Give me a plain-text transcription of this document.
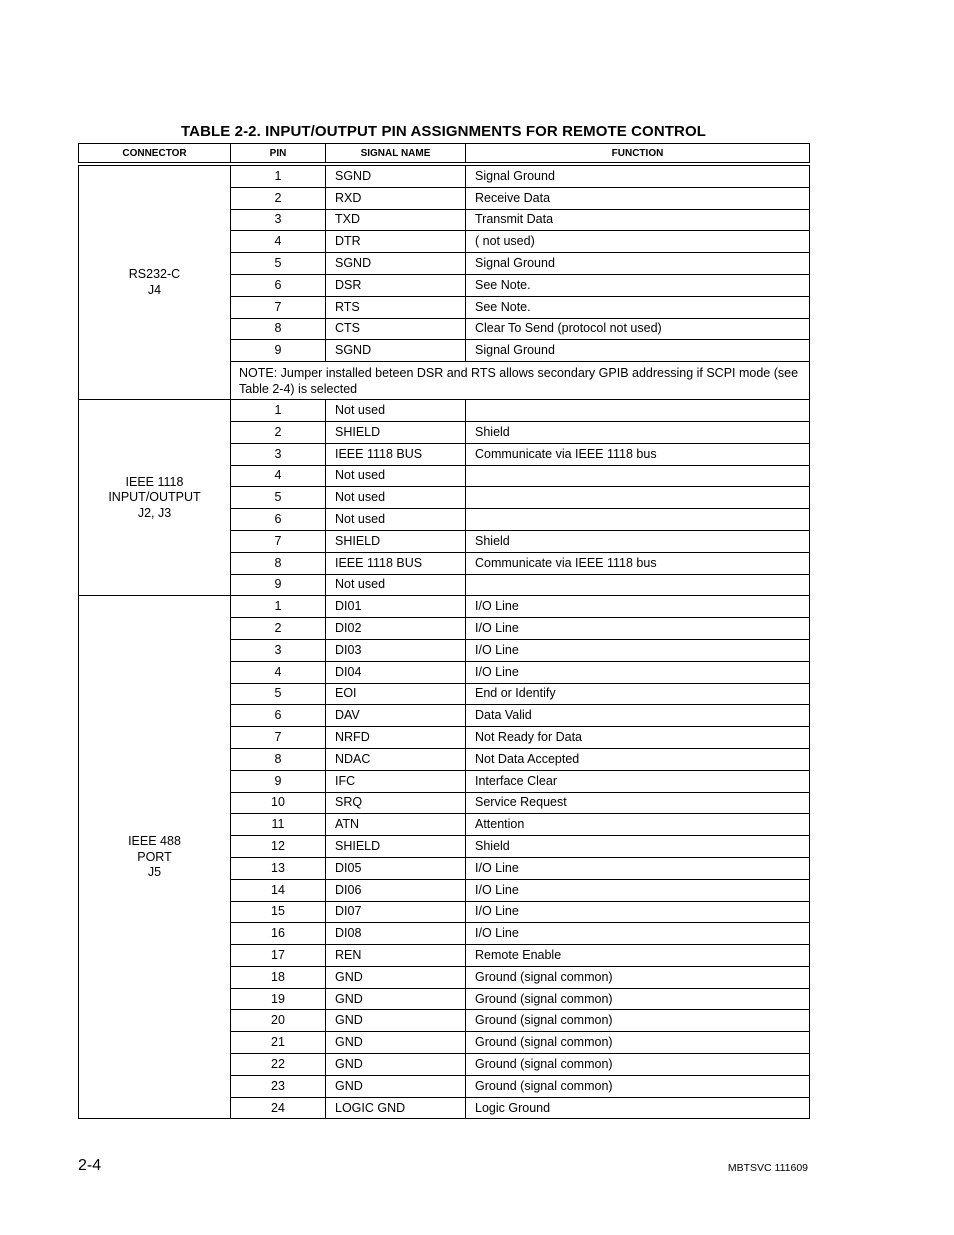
TABLE 2-2. INPUT/OUTPUT PIN ASSIGNMENTS FOR REMOTE CONTROL
CONNECTOR	PIN	SIGNAL NAME	FUNCTION

RS232-C
J4	1	SGND	Signal Ground
	2	RXD	Receive Data
	3	TXD	Transmit Data
	4	DTR	( not used)
	5	SGND	Signal Ground
	6	DSR	See Note.
	7	RTS	See Note.
	8	CTS	Clear To Send (protocol not used)
	9	SGND	Signal Ground
	NOTE: Jumper installed beteen DSR and RTS allows secondary GPIB addressing if SCPI mode (see Table 2-4) is selected		
IEEE 1118
INPUT/OUTPUT
J2, J3	1	Not used	
	2	SHIELD	Shield
	3	IEEE 1118 BUS	Communicate via IEEE 1118 bus
	4	Not used	
	5	Not used	
	6	Not used	
	7	SHIELD	Shield
	8	IEEE 1118 BUS	Communicate via IEEE 1118 bus
	9	Not used	
IEEE 488
PORT
J5	1	DI01	I/O Line
	2	DI02	I/O Line
	3	DI03	I/O Line
	4	DI04	I/O Line
	5	EOI	End or Identify
	6	DAV	Data Valid
	7	NRFD	Not Ready for Data
	8	NDAC	Not Data Accepted
	9	IFC	Interface Clear
	10	SRQ	Service Request
	11	ATN	Attention
	12	SHIELD	Shield
	13	DI05	I/O Line
	14	DI06	I/O Line
	15	DI07	I/O Line
	16	DI08	I/O Line
	17	REN	Remote Enable
	18	GND	Ground (signal common)
	19	GND	Ground (signal common)
	20	GND	Ground (signal common)
	21	GND	Ground (signal common)
	22	GND	Ground (signal common)
	23	GND	Ground (signal common)
	24	LOGIC GND	Logic Ground
2-4	MBTSVC 111609
